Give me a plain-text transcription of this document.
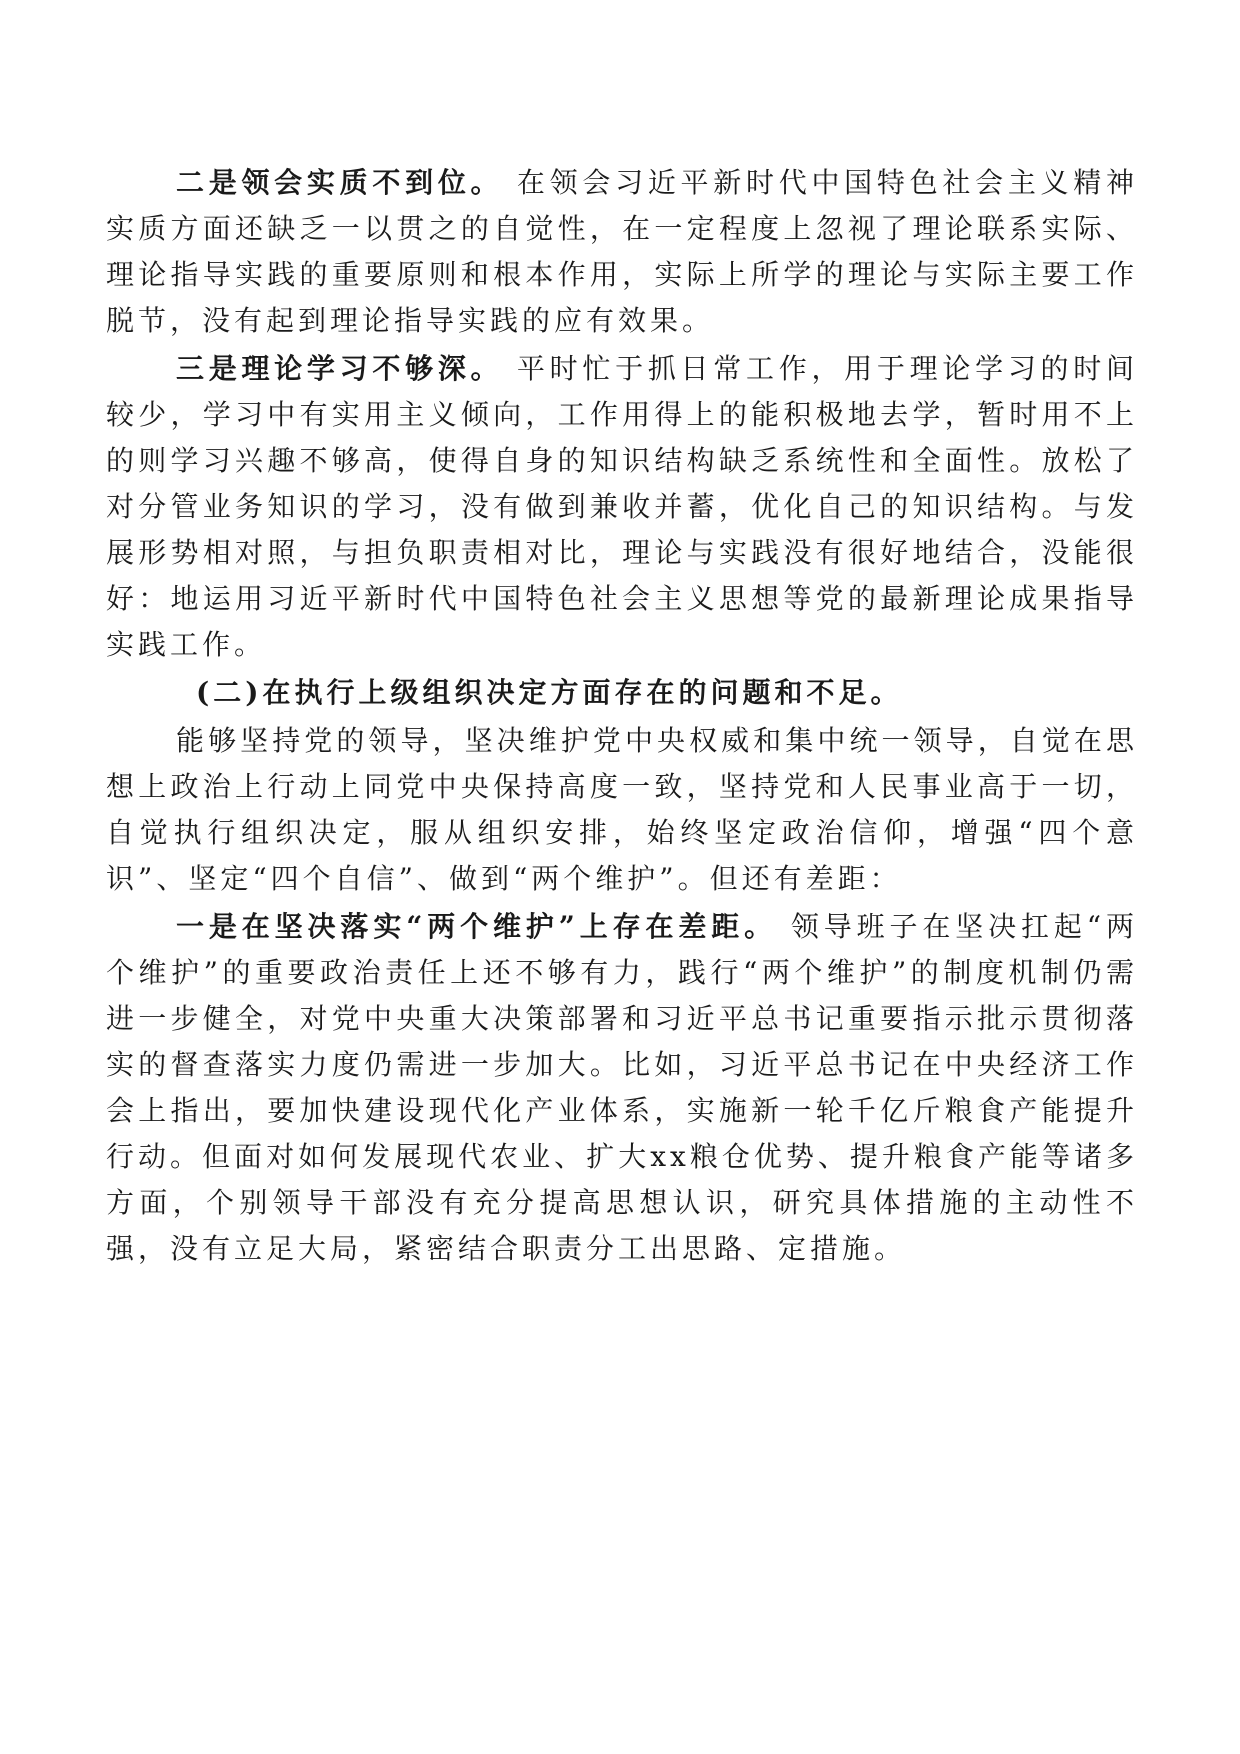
二是领会实质不到位。 在领会习近平新时代中国特色社会主义精神实质方面还缺乏一以贯之的自觉性，在一定程度上忽视了理论联系实际、理论指导实践的重要原则和根本作用，实际上所学的理论与实际主要工作脱节，没有起到理论指导实践的应有效果。

三是理论学习不够深。 平时忙于抓日常工作，用于理论学习的时间较少，学习中有实用主义倾向，工作用得上的能积极地去学，暂时用不上的则学习兴趣不够高，使得自身的知识结构缺乏系统性和全面性。放松了对分管业务知识的学习，没有做到兼收并蓄，优化自己的知识结构。与发展形势相对照，与担负职责相对比，理论与实践没有很好地结合，没能很好：地运用习近平新时代中国特色社会主义思想等党的最新理论成果指导实践工作。

(二)在执行上级组织决定方面存在的问题和不足。

能够坚持党的领导，坚决维护党中央权威和集中统一领导，自觉在思想上政治上行动上同党中央保持高度一致，坚持党和人民事业高于一切，自觉执行组织决定，服从组织安排，始终坚定政治信仰，增强“四个意识”、坚定“四个自信”、做到“两个维护”。但还有差距：

一是在坚决落实“两个维护”上存在差距。 领导班子在坚决扛起“两个维护”的重要政治责任上还不够有力，践行“两个维护”的制度机制仍需进一步健全，对党中央重大决策部署和习近平总书记重要指示批示贯彻落实的督查落实力度仍需进一步加大。比如，习近平总书记在中央经济工作会上指出，要加快建设现代化产业体系，实施新一轮千亿斤粮食产能提升行动。但面对如何发展现代农业、扩大xx粮仓优势、提升粮食产能等诸多方面，个别领导干部没有充分提高思想认识，研究具体措施的主动性不强，没有立足大局，紧密结合职责分工出思路、定措施。
